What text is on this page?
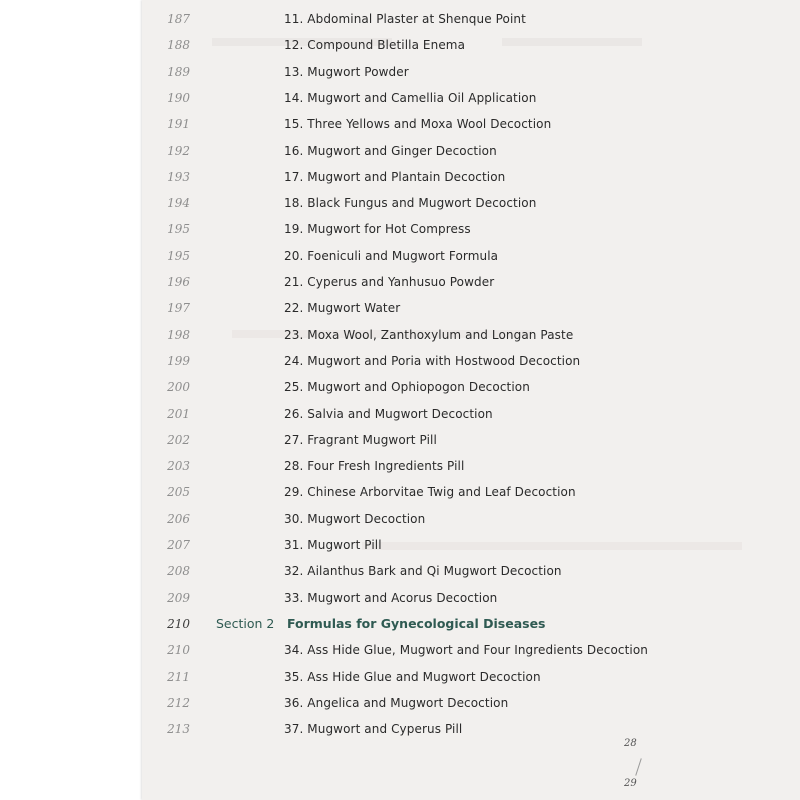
187	11. Abdominal Plaster at Shenque Point
188	12. Compound Bletilla Enema
189	13. Mugwort Powder
190	14. Mugwort and Camellia Oil Application
191	15. Three Yellows and Moxa Wool Decoction
192	16. Mugwort and Ginger Decoction
193	17. Mugwort and Plantain Decoction
194	18. Black Fungus and Mugwort Decoction
195	19. Mugwort for Hot Compress
195	20. Foeniculi and Mugwort Formula
196	21. Cyperus and Yanhusuo Powder
197	22. Mugwort Water
198	23. Moxa Wool, Zanthoxylum and Longan Paste
199	24. Mugwort and Poria with Hostwood Decoction
200	25. Mugwort and Ophiopogon Decoction
201	26. Salvia and Mugwort Decoction
202	27. Fragrant Mugwort Pill
203	28. Four Fresh Ingredients Pill
205	29. Chinese Arborvitae Twig and Leaf Decoction
206	30. Mugwort Decoction
207	31. Mugwort Pill
208	32. Ailanthus Bark and Qi Mugwort Decoction
209	33. Mugwort and Acorus Decoction
210 Section 2 Formulas for Gynecological Diseases
210	34. Ass Hide Glue, Mugwort and Four Ingredients Decoction
211	35. Ass Hide Glue and Mugwort Decoction
212	36. Angelica and Mugwort Decoction
213	37. Mugwort and Cyperus Pill
28
29
